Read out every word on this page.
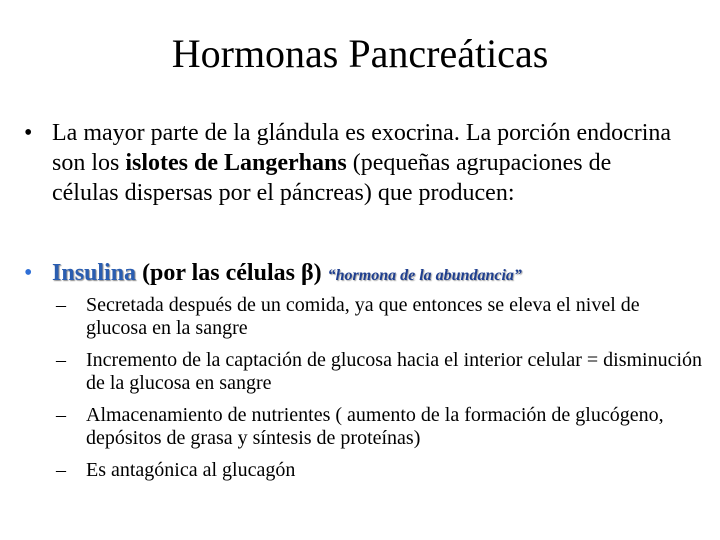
Hormonas Pancreáticas
• La mayor parte de la glándula es exocrina. La porción endocrina son los islotes de Langerhans (pequeñas agrupaciones de células dispersas por el páncreas) que producen:
• Insulina (por las células β) “hormona de la abundancia”
– Secretada después de un comida, ya que entonces se eleva el nivel de glucosa en la sangre
– Incremento de la captación de glucosa hacia el interior celular = disminución de la glucosa en sangre
– Almacenamiento de nutrientes ( aumento de la formación de glucógeno, depósitos de grasa y síntesis de proteínas)
– Es antagónica al glucagón
